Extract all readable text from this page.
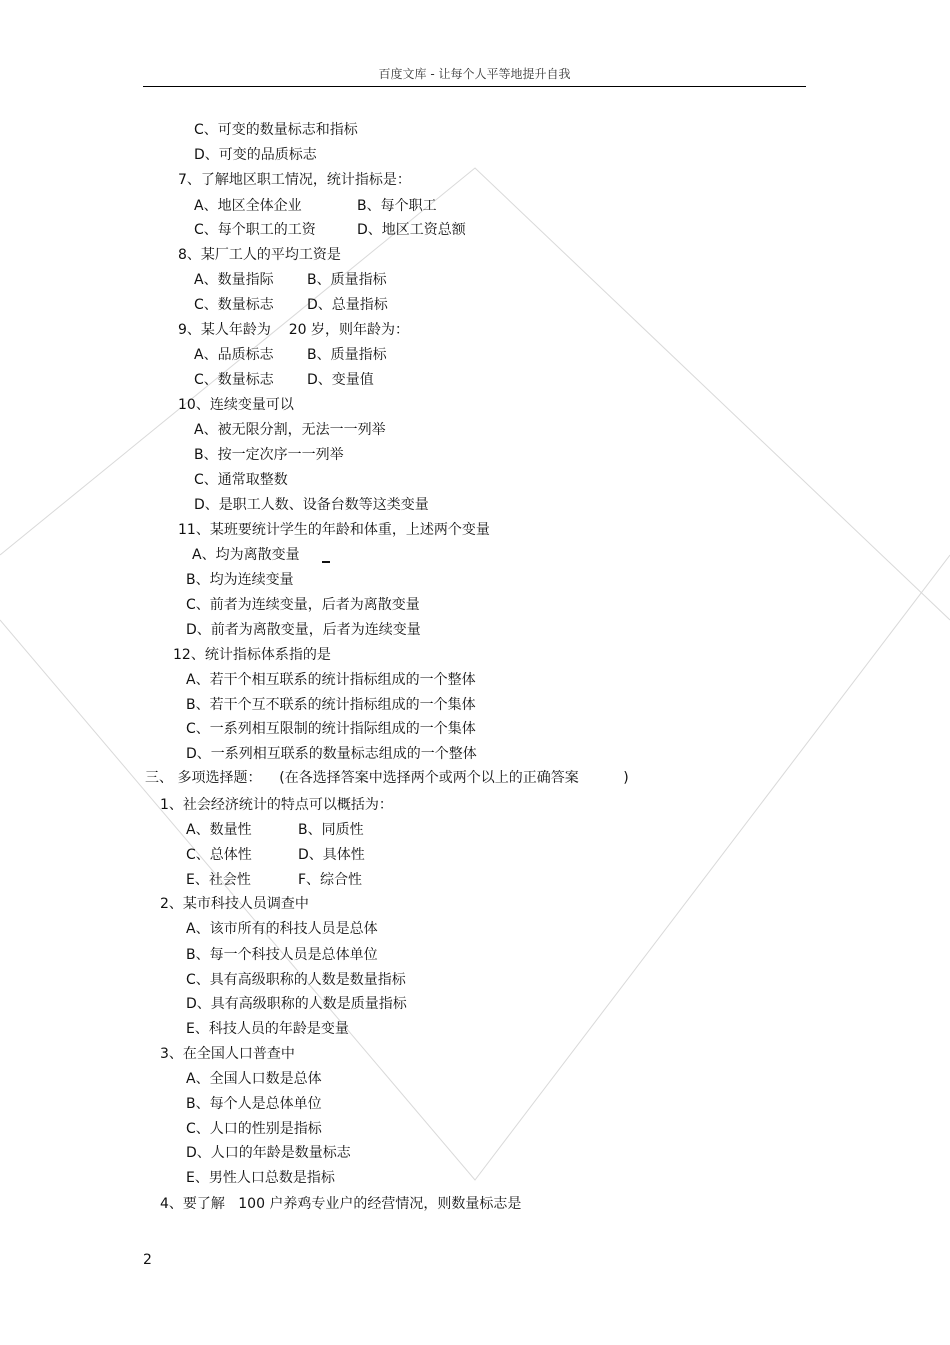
百度文库 - 让每个人平等地提升自我
C、可变的数量标志和指标
D、可变的品质标志
7、了解地区职工情况，统计指标是：
A、地区全体企业	B、每个职工
C、每个职工的工资	D、地区工资总额
8、某厂工人的平均工资是
A、数量指际 B、质量指标
C、数量标志 D、总量指标
9、某人年龄为    20 岁，则年龄为：
A、品质标志 B、质量指标
C、数量标志 D、变量值
10、连续变量可以
A、被无限分割，无法一一列举
B、按一定次序一一列举
C、通常取整数
D、是职工人数、设备台数等这类变量
11、某班要统计学生的年龄和体重，上述两个变量
A、均为离散变量
B、均为连续变量
C、前者为连续变量，后者为离散变量
D、前者为离散变量，后者为连续变量
12、统计指标体系指的是
A、若干个相互联系的统计指标组成的一个整体
B、若干个互不联系的统计指标组成的一个集体
C、一系列相互限制的统计指际组成的一个集体
D、一系列相互联系的数量标志组成的一个整体
三、 多项选择题：    (在各选择答案中选择两个或两个以上的正确答案          )
1、社会经济统计的特点可以概括为：
A、数量性	B、同质性
C、总体性	D、具体性
E、社会性	F、综合性
2、某市科技人员调查中
A、该市所有的科技人员是总体
B、每一个科技人员是总体单位
C、具有高级职称的人数是数量指标
D、具有高级职称的人数是质量指标
E、科技人员的年龄是变量
3、在全国人口普查中
A、全国人口数是总体
B、每个人是总体单位
C、人口的性别是指标
D、人口的年龄是数量标志
E、男性人口总数是指标
4、要了解   100 户养鸡专业户的经营情况，则数量标志是
2
